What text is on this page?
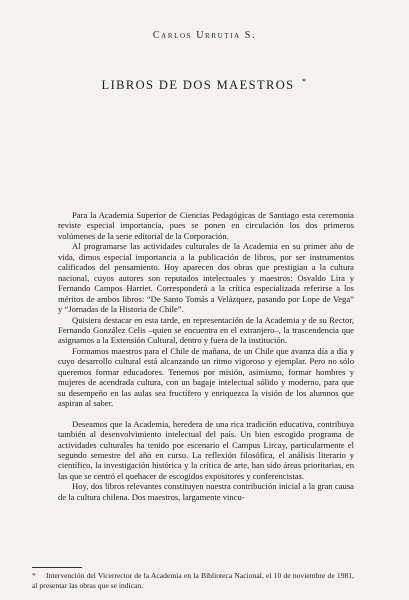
Carlos Urrutia S.
LIBROS DE DOS MAESTROS *

Para la Academia Superior de Ciencias Pedagógicas de Santiago esta ceremonia reviste especial importancia, pues se ponen en circulación los dos primeros volúmenes de la serie editorial de la Corporación.

Al programarse las actividades culturales de la Academia en su primer año de vida, dimos especial importancia a la publicación de libros, por ser instrumentos calificados del pensamiento. Hoy aparecen dos obras que prestigian a la cultura nacional, cuyos autores son reputados intelectuales y maestros: Osvaldo Lira y Fernando Campos Harriet. Corresponderá a la crítica especializada referirse a los méritos de ambos libros: “De Santo Tomás a Velázquez, pasando por Lope de Vega” y “Jornadas de la Historia de Chile”.

Quisiera destacar en esta tarde, en representación de la Academia y de su Rector, Fernando González Celis –quien se encuentra en el extranjero–, la trascendencia que asignamos a la Extensión Cultural, dentro y fuera de la institución.

Formamos maestros para el Chile de mañana, de un Chile que avanza día a día y cuyo desarrollo cultural está alcanzando un ritmo vigoroso y ejemplar. Pero no sólo queremos formar educadores. Tenemos por misión, asimismo, formar hombres y mujeres de acendrada cultura, con un bagaje intelectual sólido y moderno, para que su desempeño en las aulas sea fructífero y enriquezca la visión de los alumnos que aspiran al saber.

Deseamos que la Academia, heredera de una rica tradición educativa, contribuya también al desenvolvimiento intelectual del país. Un bien escogido programa de actividades culturales ha tenido por escenario el Campus Lircay, particularmente el segundo semestre del año en curso. La reflexión filosófica, el análisis literario y científico, la investigación histórica y la crítica de arte, han sido áreas prioritarias, en las que se centró el quehacer de escogidos expositores y conferencistas.

Hoy, dos libros relevantes constituyen nuestra contribución inicial a la gran causa de la cultura chilena. Dos maestros, largamente vincu-

* Intervención del Vicerrector de la Academia en la Biblioteca Nacional, el 10 de noviembre de 1981, al presentar las obras que se indican.
